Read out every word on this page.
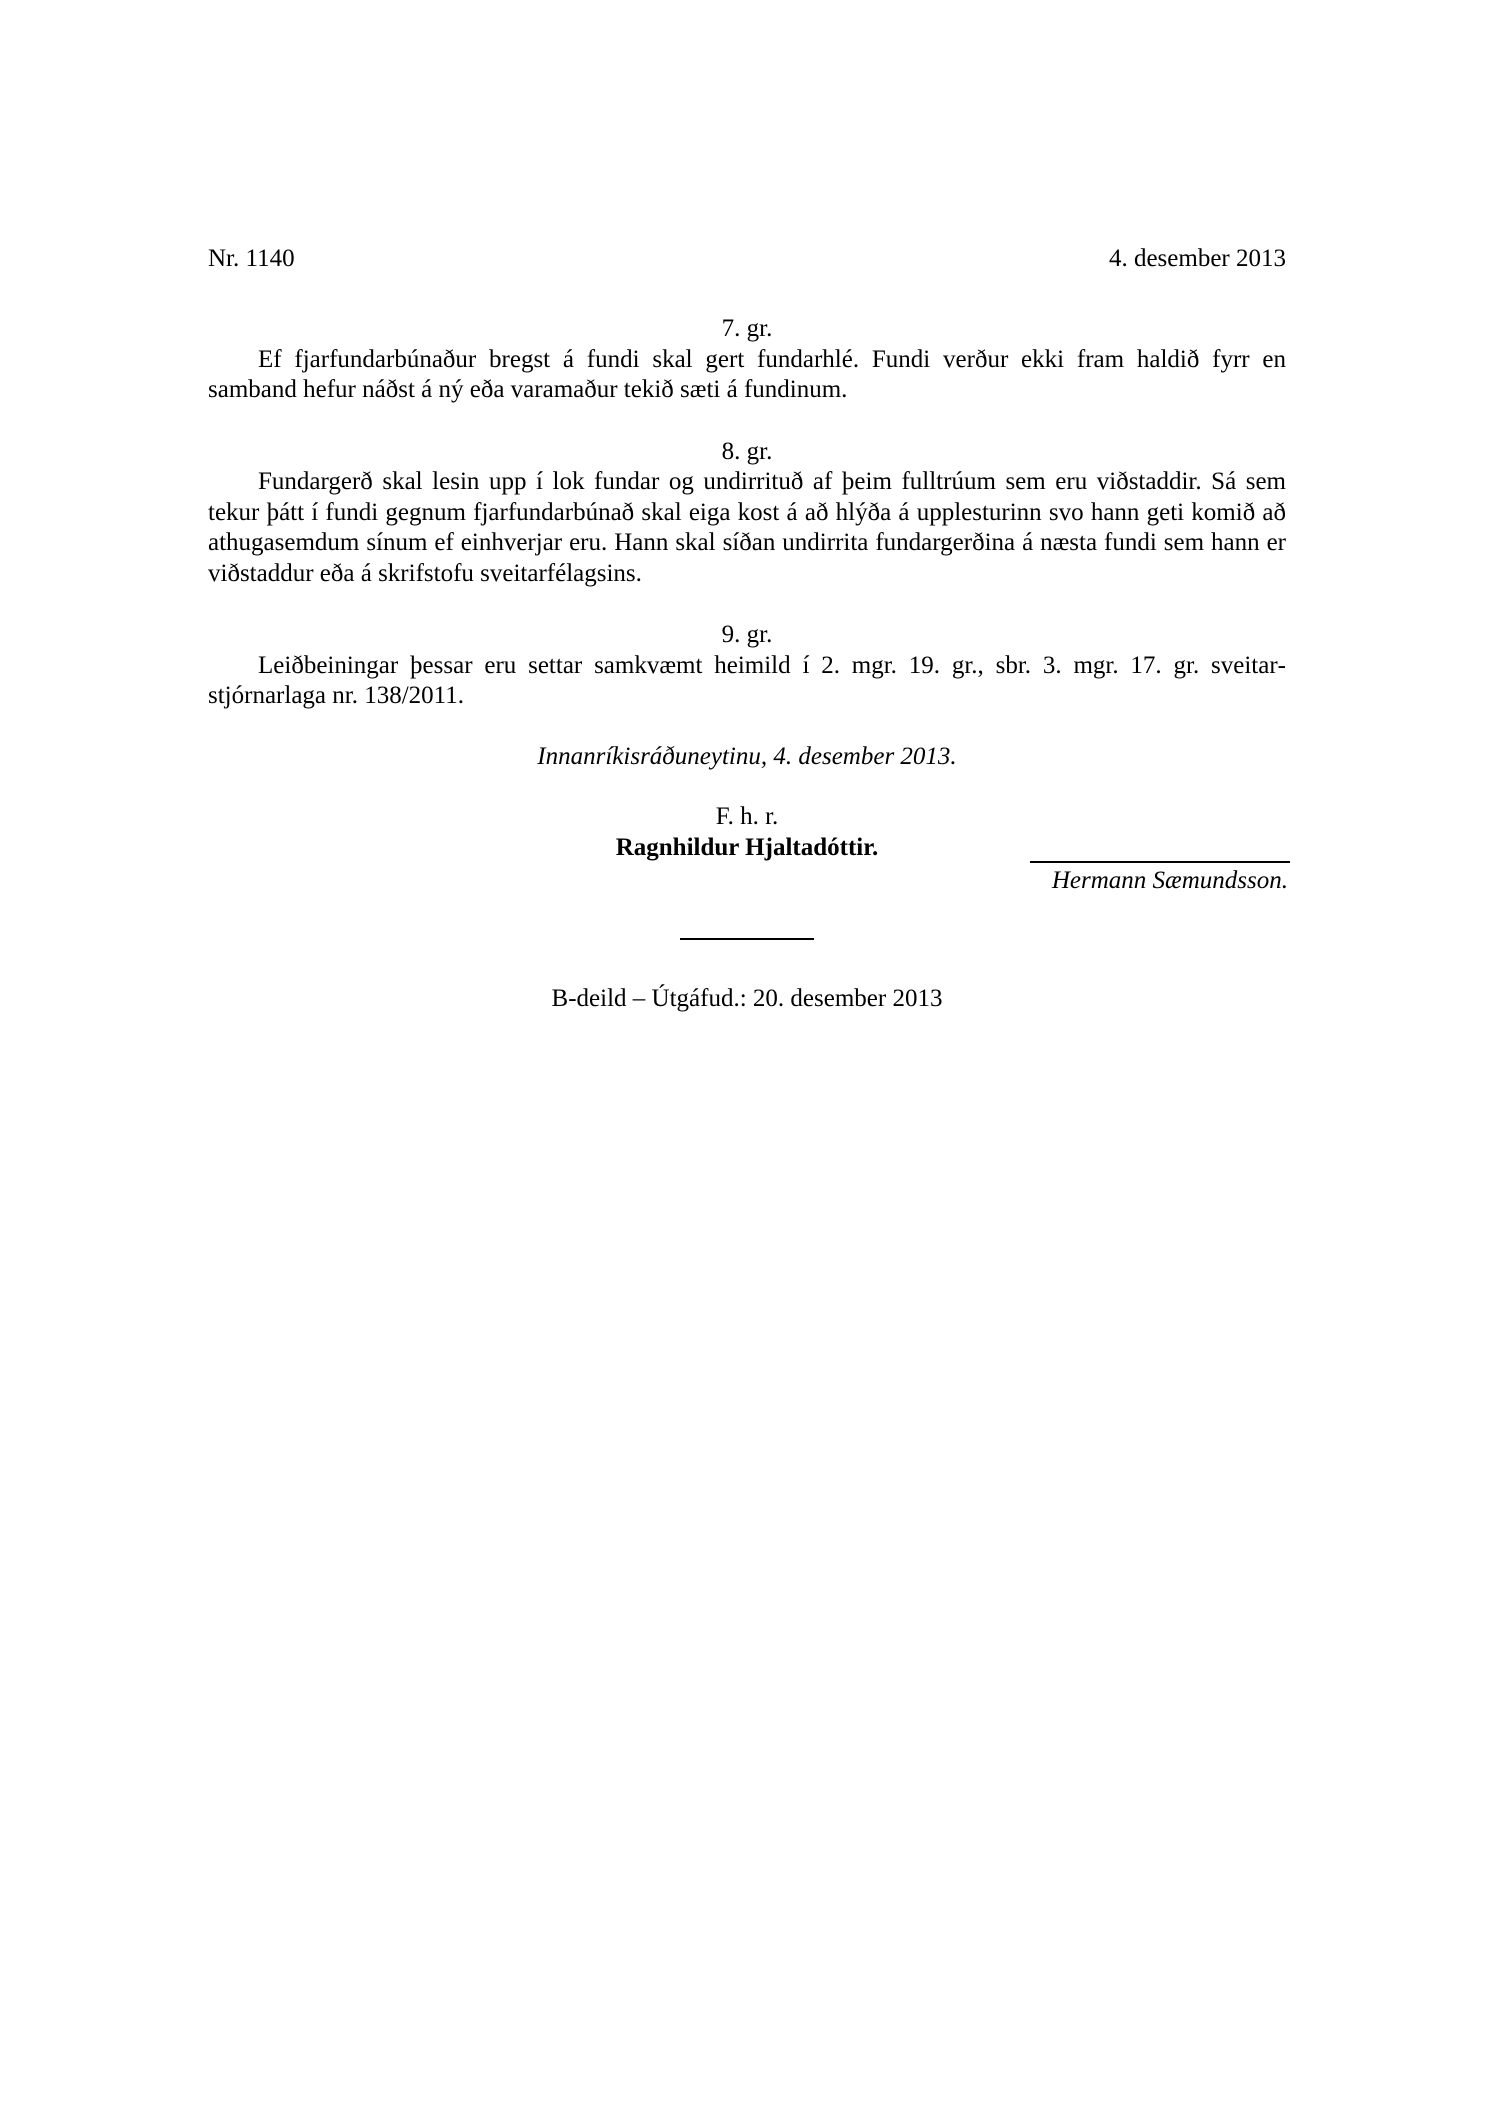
Nr. 1140	4. desember 2013
7. gr.

Ef fjarfundarbúnaður bregst á fundi skal gert fundarhlé. Fundi verður ekki fram haldið fyrr en samband hefur náðst á ný eða varamaður tekið sæti á fundinum.

8. gr.

Fundargerð skal lesin upp í lok fundar og undirrituð af þeim fulltrúum sem eru viðstaddir. Sá sem tekur þátt í fundi gegnum fjarfundarbúnað skal eiga kost á að hlýða á upplesturinn svo hann geti komið að athugasemdum sínum ef einhverjar eru. Hann skal síðan undirrita fundargerðina á næsta fundi sem hann er viðstaddur eða á skrifstofu sveitarfélagsins.

9. gr.

Leiðbeiningar þessar eru settar samkvæmt heimild í 2. mgr. 19. gr., sbr. 3. mgr. 17. gr. sveitarstjórnarlaga nr. 138/2011.

Innanríkisráðuneytinu, 4. desember 2013.

F. h. r.
Ragnhildur Hjaltadóttir.
Hermann Sæmundsson.
B-deild – Útgáfud.: 20. desember 2013
